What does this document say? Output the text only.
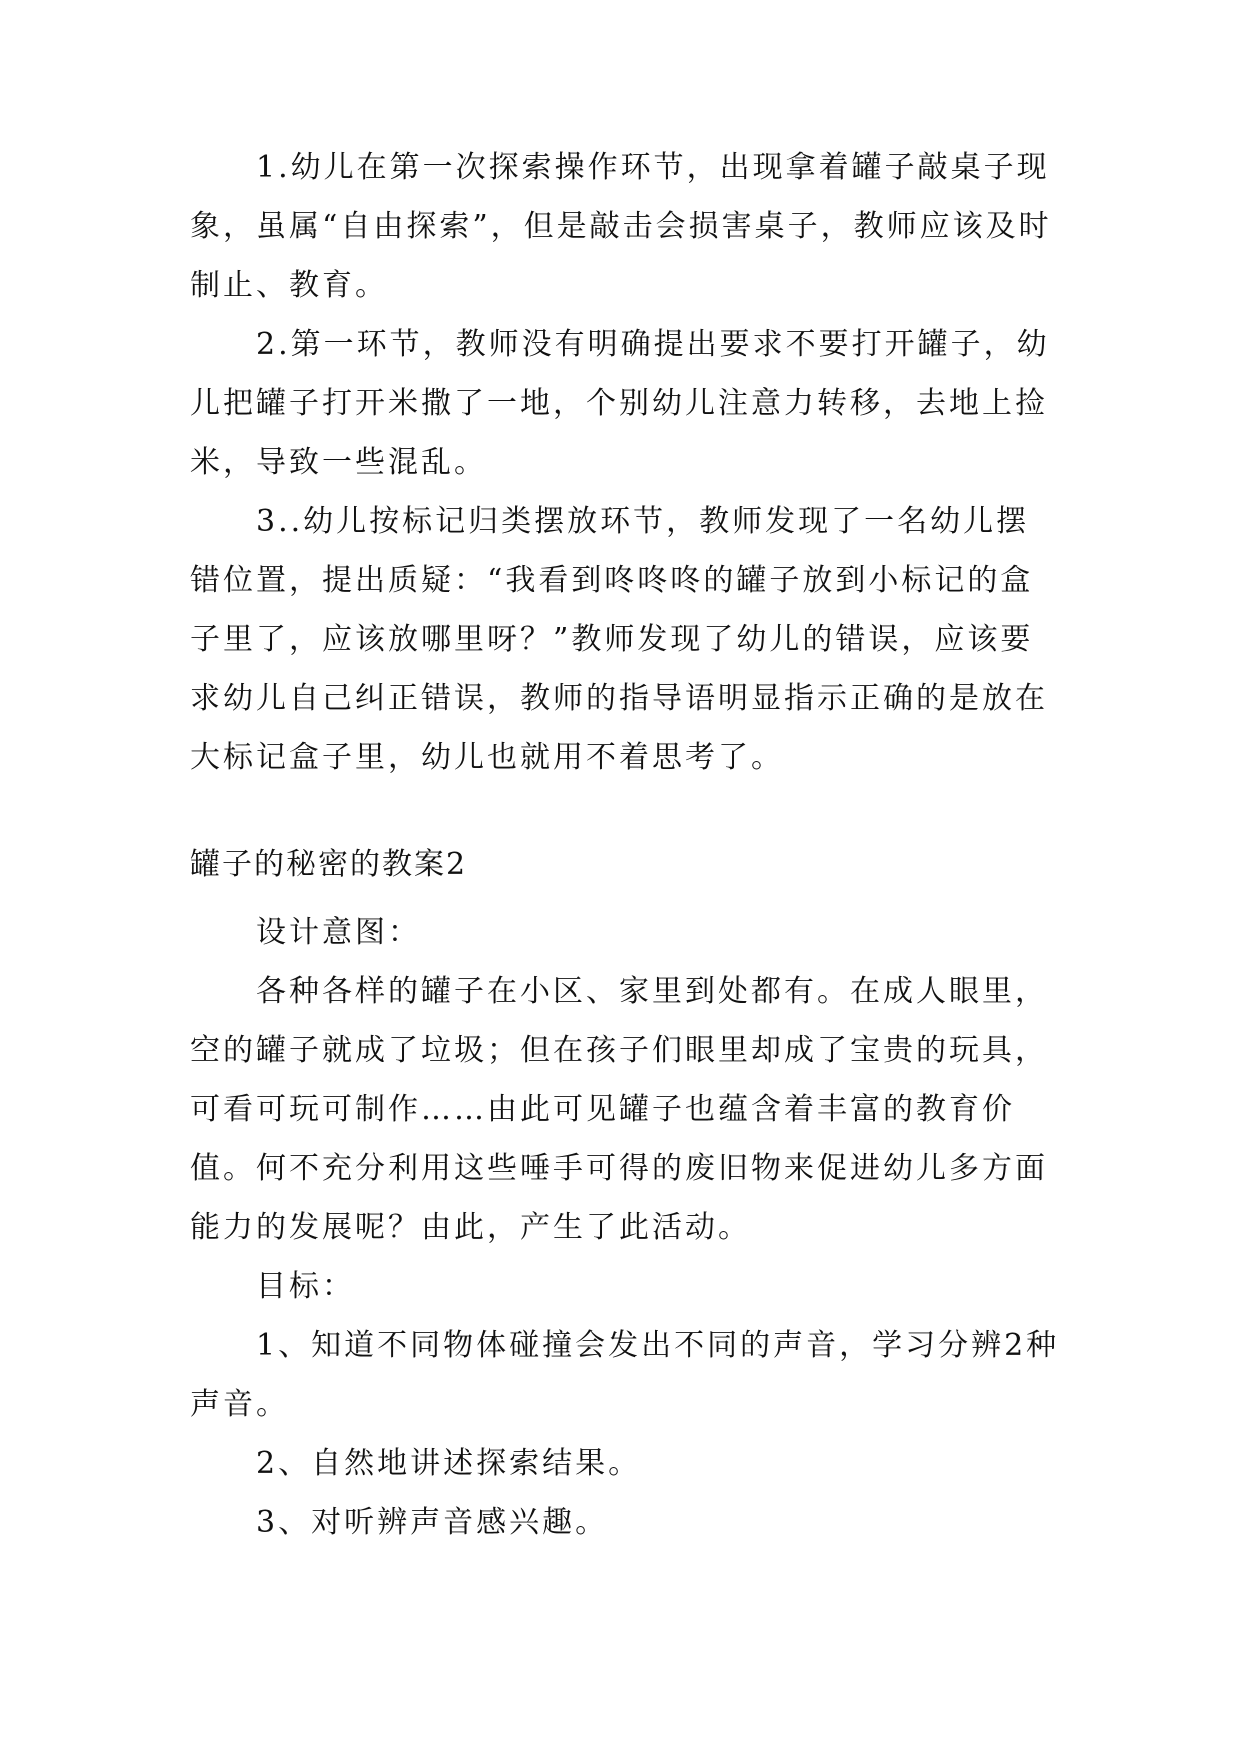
1.幼儿在第一次探索操作环节，出现拿着罐子敲桌子现象，虽属“自由探索”，但是敲击会损害桌子，教师应该及时制止、教育。

2.第一环节，教师没有明确提出要求不要打开罐子，幼儿把罐子打开米撒了一地，个别幼儿注意力转移，去地上捡米，导致一些混乱。

3..幼儿按标记归类摆放环节，教师发现了一名幼儿摆错位置，提出质疑：“我看到咚咚咚的罐子放到小标记的盒子里了，应该放哪里呀？”教师发现了幼儿的错误，应该要求幼儿自己纠正错误，教师的指导语明显指示正确的是放在大标记盒子里，幼儿也就用不着思考了。

罐子的秘密的教案2

设计意图：

各种各样的罐子在小区、家里到处都有。在成人眼里，空的罐子就成了垃圾；但在孩子们眼里却成了宝贵的玩具，可看可玩可制作……由此可见罐子也蕴含着丰富的教育价值。何不充分利用这些唾手可得的废旧物来促进幼儿多方面能力的发展呢？由此，产生了此活动。

目标：

1、知道不同物体碰撞会发出不同的声音，学习分辨2种声音。

2、自然地讲述探索结果。

3、对听辨声音感兴趣。
